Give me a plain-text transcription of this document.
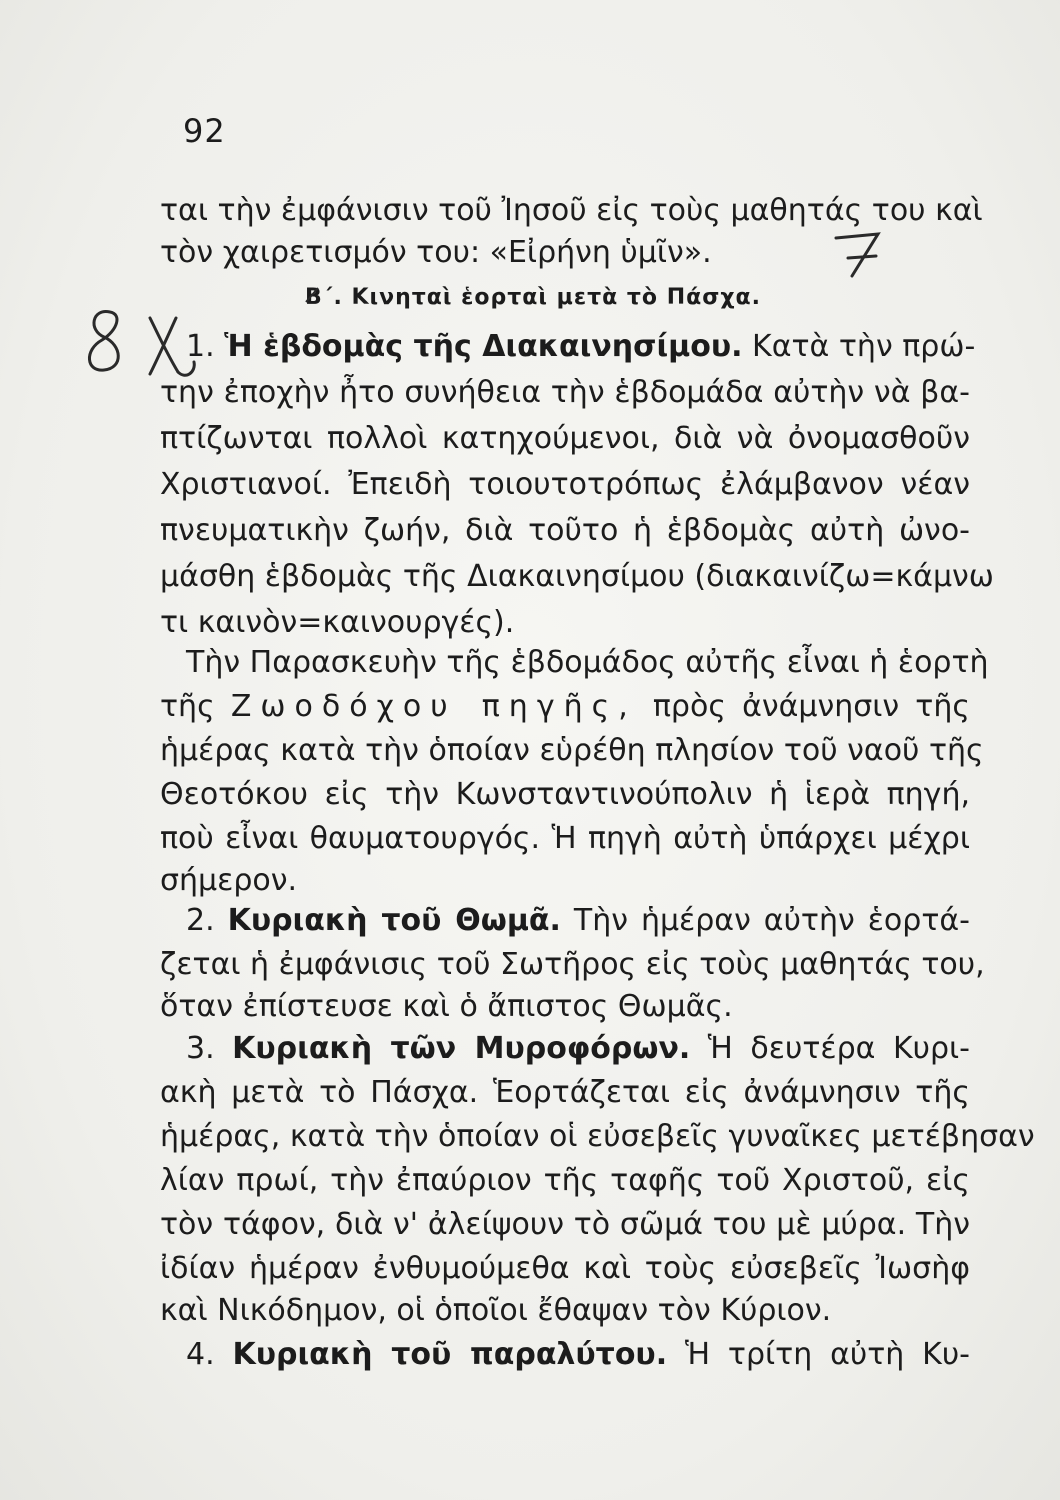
92
Β΄. Κινηταὶ ἑορταὶ μετὰ τὸ Πάσχα.
ται τὴν ἐμφάνισιν τοῦ Ἰησοῦ εἰς τοὺς μαθητάς του καὶ
τὸν χαιρετισμόν του: «Εἰρήνη ὑμῖν».
1. Ἡ ἑβδομὰς τῆς Διακαινησίμου. Κατὰ τὴν πρώ-
την ἐποχὴν ἦτο συνήθεια τὴν ἑβδομάδα αὐτὴν νὰ βα-
πτίζωνται πολλοὶ κατηχούμενοι, διὰ νὰ ὀνομασθοῦν
Χριστιανοί. Ἐπειδὴ τοιουτοτρόπως ἐλάμβανον νέαν
πνευματικὴν ζωήν, διὰ τοῦτο ἡ ἑβδομὰς αὐτὴ ὠνο-
μάσθη ἑβδομὰς τῆς Διακαινησίμου (διακαινίζω=κάμνω
τι καινὸν=καινουργές).
Τὴν Παρασκευὴν τῆς ἑβδομάδος αὐτῆς εἶναι ἡ ἑορτὴ
τῆς Ζωοδόχου πηγῆς, πρὸς ἀνάμνησιν τῆς
ἡμέρας κατὰ τὴν ὁποίαν εὑρέθη πλησίον τοῦ ναοῦ τῆς
Θεοτόκου εἰς τὴν Κωνσταντινούπολιν ἡ ἱερὰ πηγή,
ποὺ εἶναι θαυματουργός. Ἡ πηγὴ αὐτὴ ὑπάρχει μέχρι
σήμερον.
2. Κυριακὴ τοῦ Θωμᾶ. Τὴν ἡμέραν αὐτὴν ἑορτά-
ζεται ἡ ἐμφάνισις τοῦ Σωτῆρος εἰς τοὺς μαθητάς του,
ὅταν ἐπίστευσε καὶ ὁ ἄπιστος Θωμᾶς.
3. Κυριακὴ τῶν Μυροφόρων. Ἡ δευτέρα Κυρι-
ακὴ μετὰ τὸ Πάσχα. Ἑορτάζεται εἰς ἀνάμνησιν τῆς
ἡμέρας, κατὰ τὴν ὁποίαν οἱ εὐσεβεῖς γυναῖκες μετέβησαν
λίαν πρωί, τὴν ἐπαύριον τῆς ταφῆς τοῦ Χριστοῦ, εἰς
τὸν τάφον, διὰ ν' ἀλείψουν τὸ σῶμά του μὲ μύρα. Τὴν
ἰδίαν ἡμέραν ἐνθυμούμεθα καὶ τοὺς εὐσεβεῖς Ἰωσὴφ
καὶ Νικόδημον, οἱ ὁποῖοι ἔθαψαν τὸν Κύριον.
4. Κυριακὴ τοῦ παραλύτου. Ἡ τρίτη αὐτὴ Κυ-
